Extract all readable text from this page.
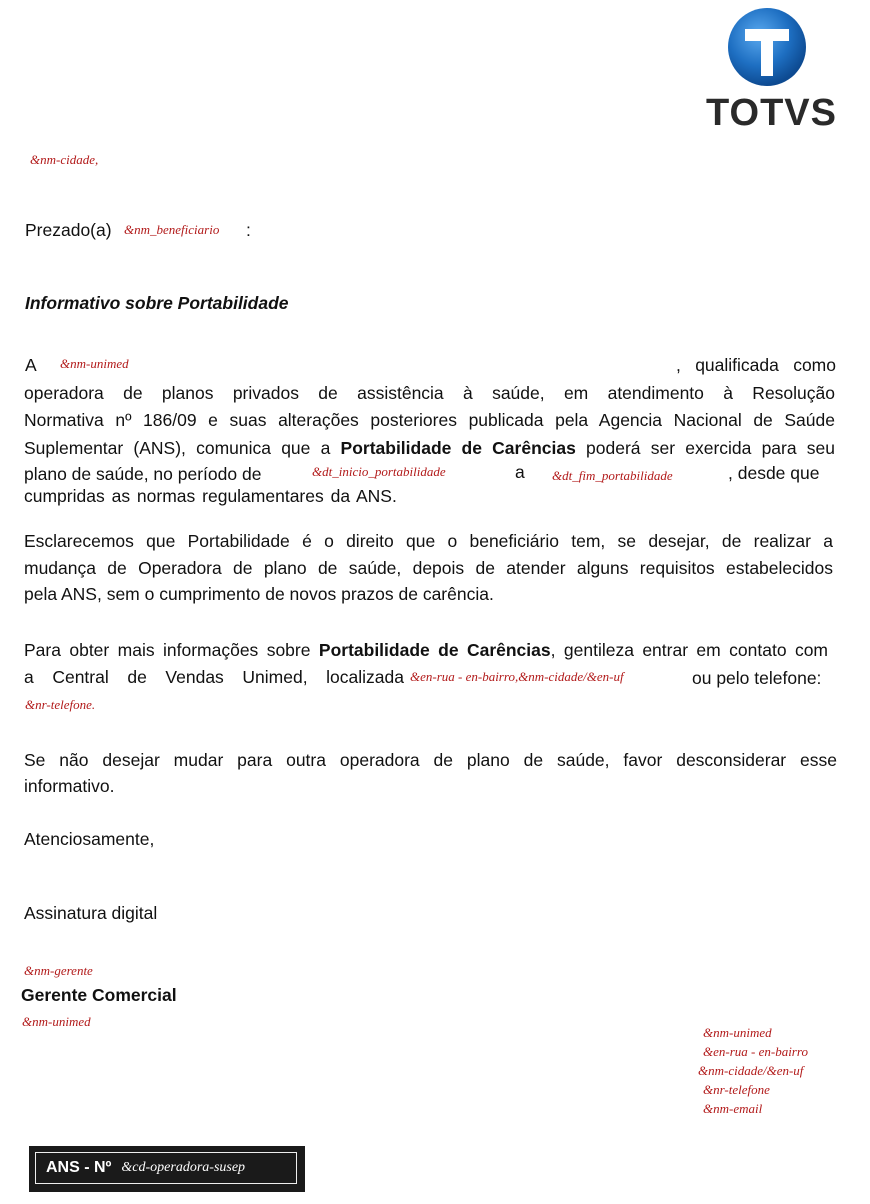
TOTVS
&nm-cidade,
Prezado(a) &nm_beneficiario :
Informativo sobre Portabilidade
A &nm-unimed	, qualificada como
operadora de planos privados de assistência à saúde, em atendimento à Resolução
Normativa nº 186/09 e suas alterações posteriores publicada pela Agencia Nacional de Saúde
Suplementar (ANS), comunica que a Portabilidade de Carências poderá ser exercida para seu
plano de saúde, no período de	&dt_inicio_portabilidade	a &dt_fim_portabilidade	, desde que
cumpridas as normas regulamentares da ANS.
Esclarecemos que Portabilidade é o direito que o beneficiário tem, se desejar, de realizar a
mudança de Operadora de plano de saúde, depois de atender alguns requisitos estabelecidos
pela ANS, sem o cumprimento de novos prazos de carência.
Para obter mais informações sobre Portabilidade de Carências, gentileza entrar em contato com
a Central de Vendas Unimed, localizada &en-rua - en-bairro,&nm-cidade/&en-uf	ou pelo telefone:
&nr-telefone.
Se não desejar mudar para outra operadora de plano de saúde, favor desconsiderar esse
informativo.
Atenciosamente,
Assinatura digital
&nm-gerente
Gerente Comercial
&nm-unimed
&nm-unimed
&en-rua - en-bairro
&nm-cidade/&en-uf
&nr-telefone
&nm-email
ANS - Nº &cd-operadora-susep
